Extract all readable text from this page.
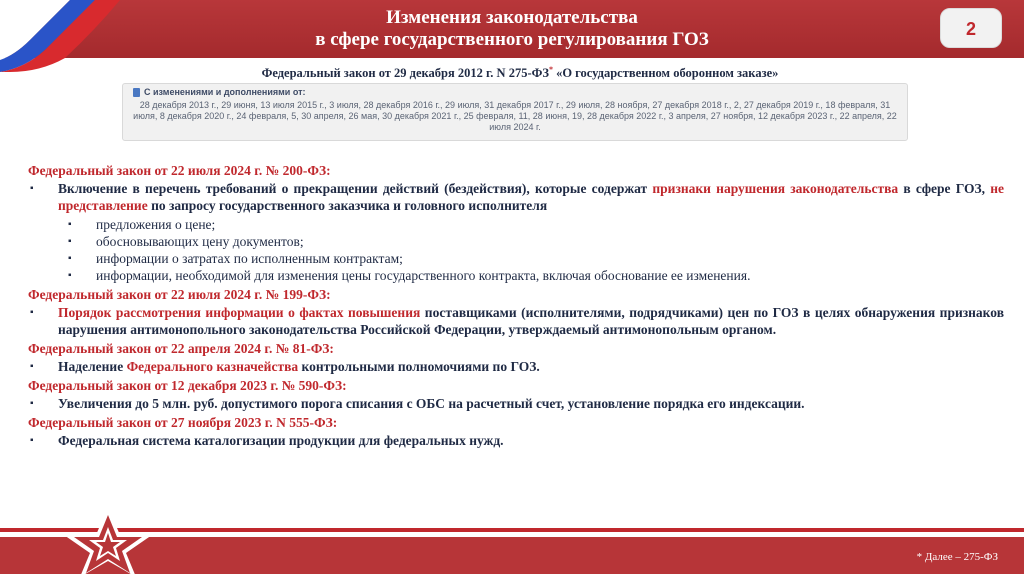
Изменения законодательства
в сфере государственного регулирования ГОЗ	2
Федеральный закон от 29 декабря 2012 г. N 275-ФЗ* «О государственном оборонном заказе»
С изменениями и дополнениями от:
28 декабря 2013 г., 29 июня, 13 июля 2015 г., 3 июля, 28 декабря 2016 г., 29 июля, 31 декабря 2017 г., 29 июля, 28 ноября, 27 декабря 2018 г., 2, 27 декабря 2019 г., 18 февраля, 31 июля, 8 декабря 2020 г., 24 февраля, 5, 30 апреля, 26 мая, 30 декабря 2021 г., 25 февраля, 11, 28 июня, 19, 28 декабря 2022 г., 3 апреля, 27 ноября, 12 декабря 2023 г., 22 апреля, 22 июля 2024 г.
Федеральный закон от 22 июля 2024 г. № 200-ФЗ:
▪ Включение в перечень требований о прекращении действий (бездействия), которые содержат признаки нарушения законодательства в сфере ГОЗ, не представление по запросу государственного заказчика и головного исполнителя
▪ предложения о цене;
▪ обосновывающих цену документов;
▪ информации о затратах по исполненным контрактам;
▪ информации, необходимой для изменения цены государственного контракта, включая обоснование ее изменения.
Федеральный закон от 22 июля 2024 г. № 199-ФЗ:
▪ Порядок рассмотрения информации о фактах повышения поставщиками (исполнителями, подрядчиками) цен по ГОЗ в целях обнаружения признаков нарушения антимонопольного законодательства Российской Федерации, утверждаемый антимонопольным органом.
Федеральный закон от 22 апреля 2024 г. № 81-ФЗ:
▪ Наделение Федерального казначейства контрольными полномочиями по ГОЗ.
Федеральный закон от 12 декабря 2023 г. № 590-ФЗ:
▪ Увеличения до 5 млн. руб. допустимого порога списания с ОБС на расчетный счет, установление порядка его индексации.
Федеральный закон от 27 ноября 2023 г. N 555-ФЗ:
▪ Федеральная система каталогизации продукции для федеральных нужд.
* Далее – 275-ФЗ
